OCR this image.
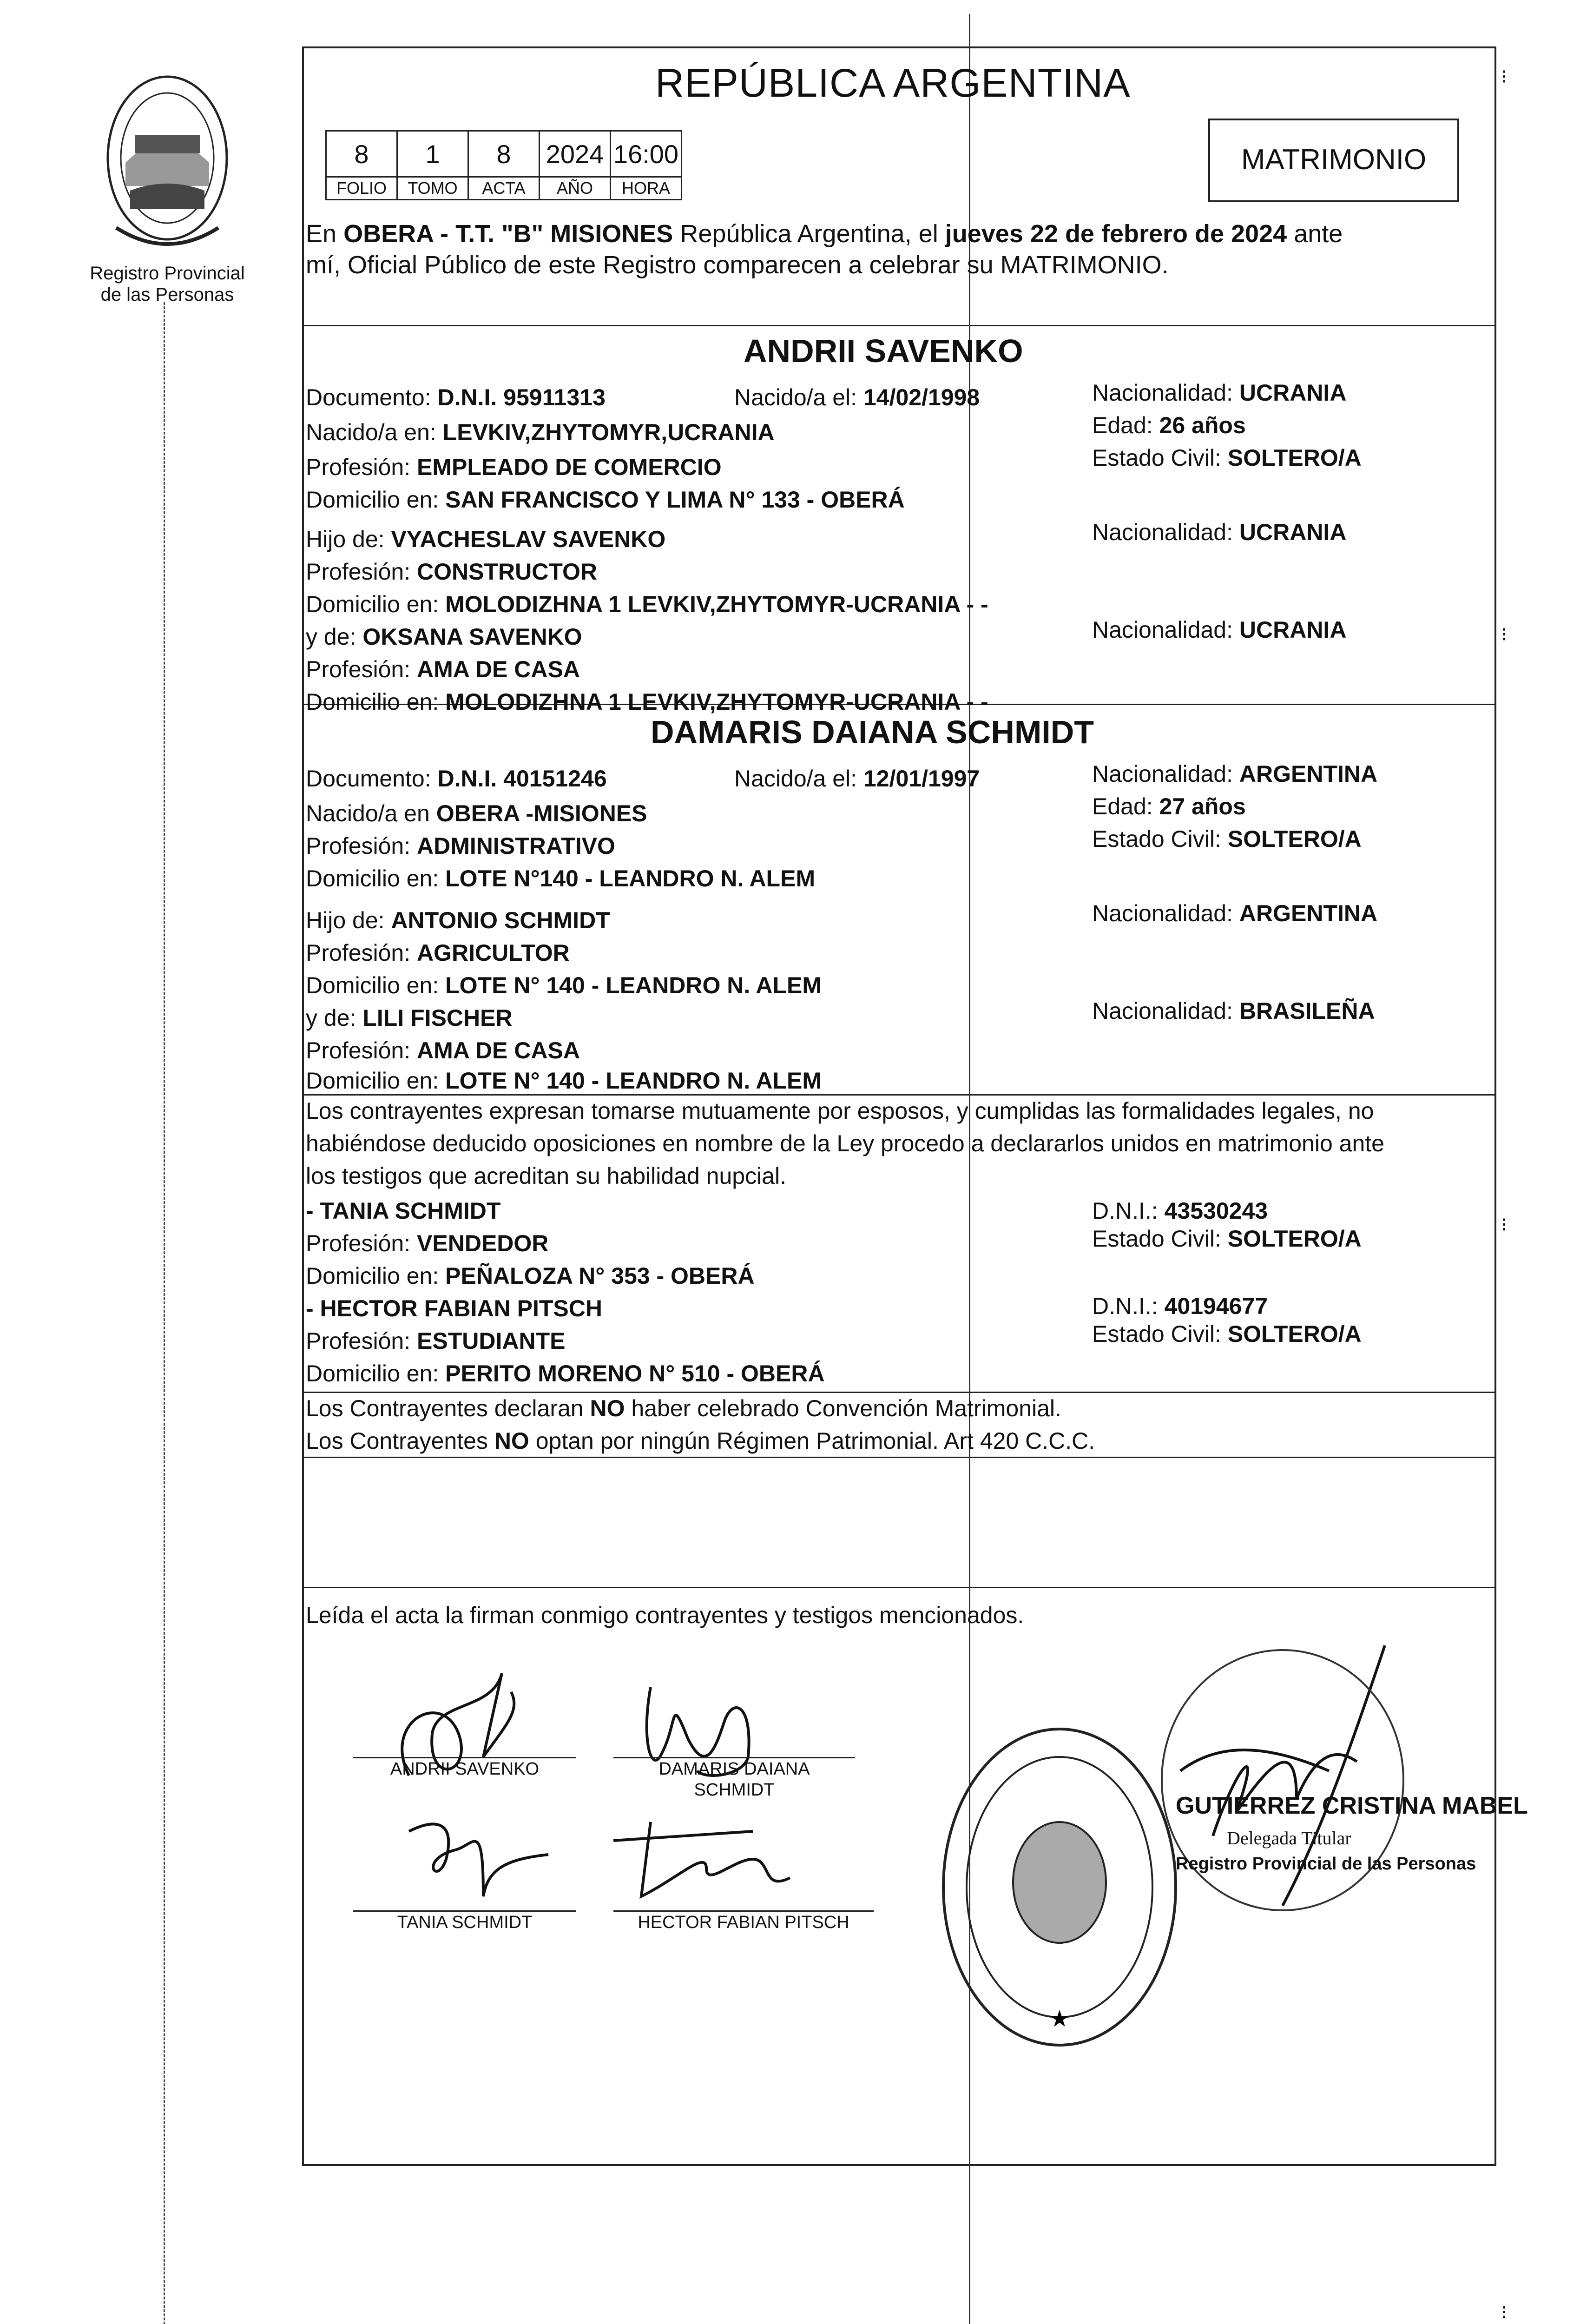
Registro Provincial
de las Personas
REPÚBLICA ARGENTINA
8	1	8	2024	16:00
FOLIO	TOMO	ACTA	AÑO	HORA
MATRIMONIO
En OBERA - T.T. "B" MISIONES República Argentina, el jueves 22 de febrero de 2024 ante
mí, Oficial Público de este Registro comparecen a celebrar su MATRIMONIO.
ANDRII SAVENKO
Documento: D.N.I. 95911313	Nacido/a el: 14/02/1998	Nacionalidad: UCRANIA
Nacido/a en: LEVKIV,ZHYTOMYR,UCRANIA	Edad: 26 años
Profesión: EMPLEADO DE COMERCIO	Estado Civil: SOLTERO/A
Domicilio en: SAN FRANCISCO Y LIMA N° 133 - OBERÁ
Hijo de: VYACHESLAV SAVENKO	Nacionalidad: UCRANIA
Profesión: CONSTRUCTOR
Domicilio en: MOLODIZHNA 1 LEVKIV,ZHYTOMYR-UCRANIA - -
y de: OKSANA SAVENKO	Nacionalidad: UCRANIA
Profesión: AMA DE CASA
Domicilio en: MOLODIZHNA 1 LEVKIV,ZHYTOMYR-UCRANIA - -
DAMARIS DAIANA SCHMIDT
Documento: D.N.I. 40151246	Nacido/a el: 12/01/1997	Nacionalidad: ARGENTINA
Nacido/a en OBERA -MISIONES	Edad: 27 años
Profesión: ADMINISTRATIVO	Estado Civil: SOLTERO/A
Domicilio en: LOTE N°140 - LEANDRO N. ALEM
Hijo de: ANTONIO SCHMIDT	Nacionalidad: ARGENTINA
Profesión: AGRICULTOR
Domicilio en: LOTE N° 140 - LEANDRO N. ALEM
y de: LILI FISCHER	Nacionalidad: BRASILEÑA
Profesión: AMA DE CASA
Domicilio en: LOTE N° 140 - LEANDRO N. ALEM
Los contrayentes expresan tomarse mutuamente por esposos, y cumplidas las formalidades legales, no
habiéndose deducido oposiciones en nombre de la Ley procedo a declararlos unidos en matrimonio ante
los testigos que acreditan su habilidad nupcial.
- TANIA SCHMIDT	D.N.I.: 43530243
Profesión: VENDEDOR	Estado Civil: SOLTERO/A
Domicilio en: PEÑALOZA N° 353 - OBERÁ
- HECTOR FABIAN PITSCH	D.N.I.: 40194677
Profesión: ESTUDIANTE	Estado Civil: SOLTERO/A
Domicilio en: PERITO MORENO N° 510 - OBERÁ
Los Contrayentes declaran NO haber celebrado Convención Matrimonial.
Los Contrayentes NO optan por ningún Régimen Patrimonial. Art 420 C.C.C.
Leída el acta la firman conmigo contrayentes y testigos mencionados.
ANDRII SAVENKO	DAMARIS DAIANA
SCHMIDT
TANIA SCHMIDT	HECTOR FABIAN PITSCH
★
GUTIERREZ CRISTINA MABEL
Delegada Titular
Registro Provincial de las Personas
⁝
⁝
⁝
⁝
